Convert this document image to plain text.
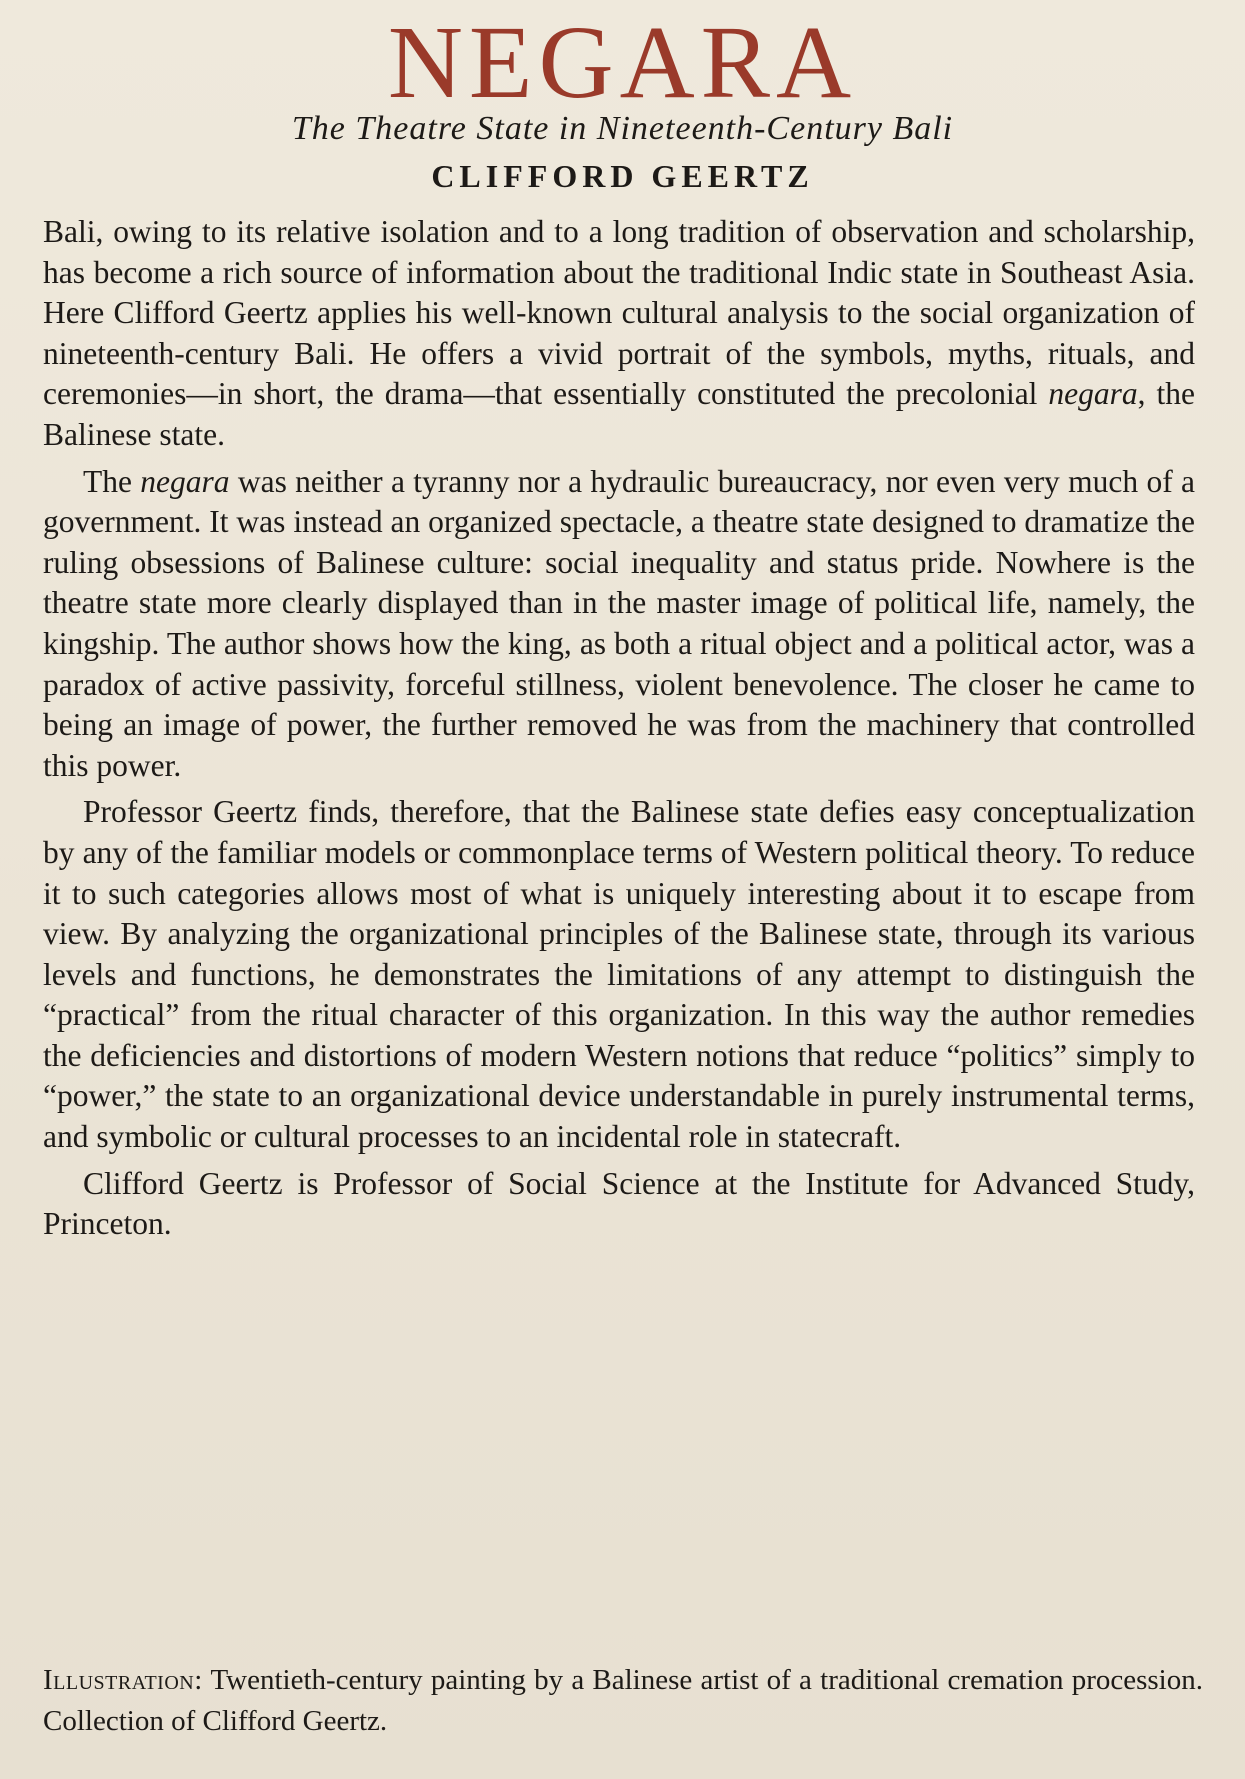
NEGARA
The Theatre State in Nineteenth-Century Bali
CLIFFORD GEERTZ

Bali, owing to its relative isolation and to a long tradition of observation and scholarship, has become a rich source of information about the traditional Indic state in Southeast Asia. Here Clifford Geertz applies his well-known cultural analysis to the social organization of nineteenth-century Bali. He offers a vivid portrait of the symbols, myths, rituals, and ceremonies—in short, the drama—that essentially constituted the precolonial negara, the Balinese state.

The negara was neither a tyranny nor a hydraulic bureaucracy, nor even very much of a government. It was instead an organized spectacle, a theatre state designed to dramatize the ruling obsessions of Balinese culture: social inequality and status pride. Nowhere is the theatre state more clearly displayed than in the master image of political life, namely, the kingship. The author shows how the king, as both a ritual object and a political actor, was a paradox of active passivity, forceful stillness, violent benevolence. The closer he came to being an image of power, the further removed he was from the machinery that controlled this power.

Professor Geertz finds, therefore, that the Balinese state defies easy conceptualization by any of the familiar models or commonplace terms of Western political theory. To reduce it to such categories allows most of what is uniquely interesting about it to escape from view. By analyzing the organizational principles of the Balinese state, through its various levels and functions, he demonstrates the limitations of any attempt to distinguish the “practical” from the ritual character of this organization. In this way the author remedies the deficiencies and distortions of modern Western notions that reduce “politics” simply to “power,” the state to an organizational device understandable in purely instrumental terms, and symbolic or cultural processes to an incidental role in statecraft.

Clifford Geertz is Professor of Social Science at the Institute for Advanced Study, Princeton.

Illustration: Twentieth-century painting by a Balinese artist of a traditional cremation procession. Collection of Clifford Geertz.
